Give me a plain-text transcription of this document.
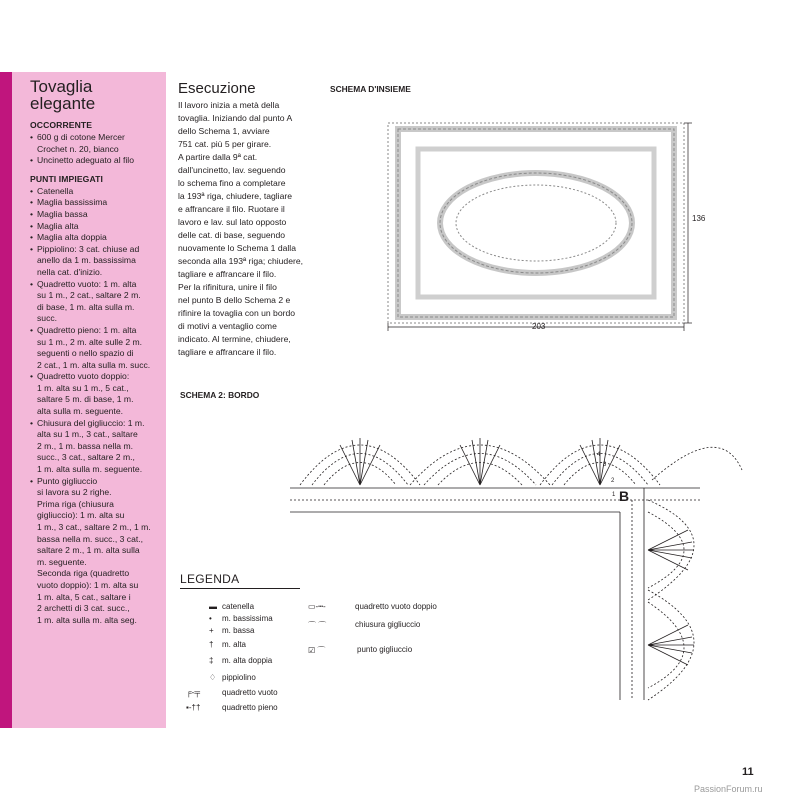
Tovaglia
elegante
OCCORRENTE
• 600 g di cotone Mercer
Crochet n. 20, bianco
• Uncinetto adeguato al filo
PUNTI IMPIEGATI
• Catenella
• Maglia bassissima
• Maglia bassa
• Maglia alta
• Maglia alta doppia
• Pippiolino: 3 cat. chiuse ad
anello da 1 m. bassissima
nella cat. d'inizio.
• Quadretto vuoto: 1 m. alta
su 1 m., 2 cat., saltare 2 m.
di base, 1 m. alta sulla m.
succ.
• Quadretto pieno: 1 m. alta
su 1 m., 2 m. alte sulle 2 m.
seguenti o nello spazio di
2 cat., 1 m. alta sulla m. succ.
• Quadretto vuoto doppio:
1 m. alta su 1 m., 5 cat.,
saltare 5 m. di base, 1 m.
alta sulla m. seguente.
• Chiusura del gigliuccio: 1 m.
alta su 1 m., 3 cat., saltare
2 m., 1 m. bassa nella m.
succ., 3 cat., saltare 2 m.,
1 m. alta sulla m. seguente.
• Punto gigliuccio
si lavora su 2 righe.
Prima riga (chiusura
gigliuccio): 1 m. alta su
1 m., 3 cat., saltare 2 m., 1 m.
bassa nella m. succ., 3 cat.,
saltare 2 m., 1 m. alta sulla
m. seguente.
Seconda riga (quadretto
vuoto doppio): 1 m. alta su
1 m. alta, 5 cat., saltare i
2 archetti di 3 cat. succ.,
1 m. alta sulla m. alta seg.
Esecuzione
Il lavoro inizia a metà della
tovaglia. Iniziando dal punto A
dello Schema 1, avviare
751 cat. più 5 per girare.
A partire dalla 9ª cat.
dall'uncinetto, lav. seguendo
lo schema fino a completare
la 193ª riga, chiudere, tagliare
e affrancare il filo. Ruotare il
lavoro e lav. sul lato opposto
delle cat. di base, seguendo
nuovamente lo Schema 1 dalla
seconda alla 193ª riga; chiudere,
tagliare e affrancare il filo.
Per la rifinitura, unire il filo
nel punto B dello Schema 2 e
rifinire la tovaglia con un bordo
di motivi a ventaglio come
indicato. Al termine, chiudere,
tagliare e affrancare il filo.
SCHEMA D'INSIEME
136
203
SCHEMA 2: BORDO
B
4
3
2
1
LEGENDA
▬ catenella
• m. bassissima
+ m. bassa
† m. alta
‡ m. alta doppia
♢ pippiolino
╒-╤	quadretto vuoto
▪-††	quadretto pieno
▭-┅-	quadretto vuoto doppio
⌒ ⌒	chiusura gigliuccio
☑ ⌒	punto gigliuccio
11
PassionForum.ru
